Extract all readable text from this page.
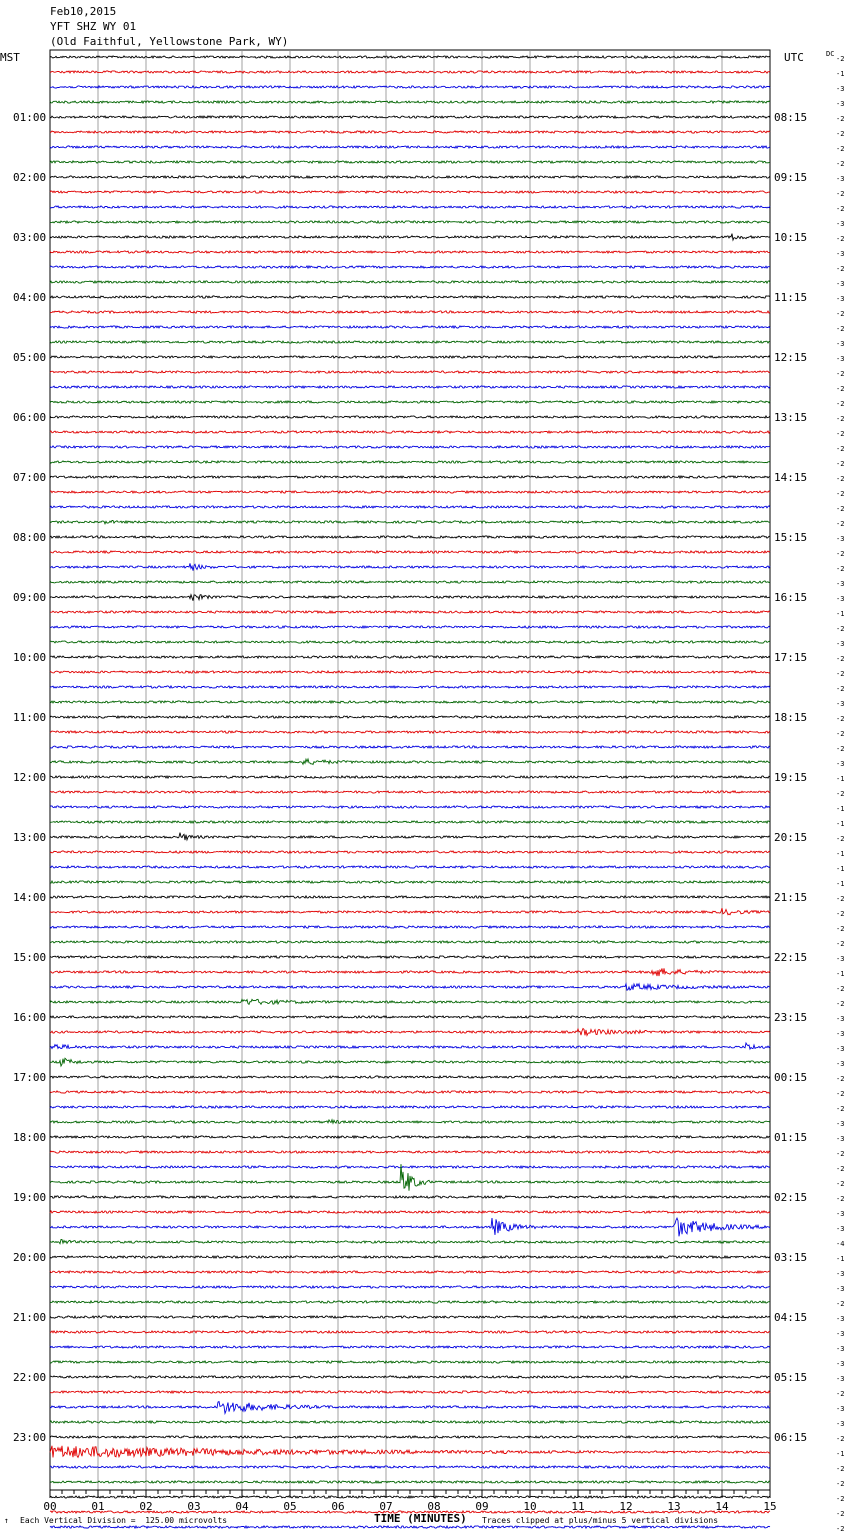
Feb10,2015
YFT SHZ WY 01
(Old Faithful, Yellowstone Park, WY)
01:00
02:00
03:00
04:00
05:00
06:00
07:00
08:00
09:00
10:00
11:00
12:00
13:00
14:00
15:00
16:00
17:00
18:00
19:00
20:00
21:00
22:00
23:00
08:15
09:15
10:15
11:15
12:15
13:15
14:15
15:15
16:15
17:15
18:15
19:15
20:15
21:15
22:15
23:15
00:15
01:15
02:15
03:15
04:15
05:15
06:15
-2
-1
-3
-3
-2
-2
-2
-2
-3
-2
-2
-3
-2
-3
-2
-3
-3
-2
-2
-3
-3
-2
-2
-2
-2
-2
-2
-2
-2
-2
-2
-2
-3
-2
-2
-3
-3
-1
-2
-3
-2
-2
-2
-3
-2
-2
-2
-3
-1
-2
-1
-1
-2
-1
-1
-1
-2
-2
-2
-2
-3
-1
-2
-2
-3
-3
-3
-3
-2
-2
-2
-3
-3
-2
-2
-2
-2
-3
-3
-4
-1
-3
-3
-2
-3
-3
-3
-3
-3
-2
-3
-3
-2
-1
-2
-2
-2
-2
-2
00	01	02	03	04	05	06	07	08	09	10	11	12	13	14	15
MST	UTC	DC
↑ Each Vertical Division =  125.00 microvolts	TIME (MINUTES) Traces clipped at plus/minus 5 vertical divisions
